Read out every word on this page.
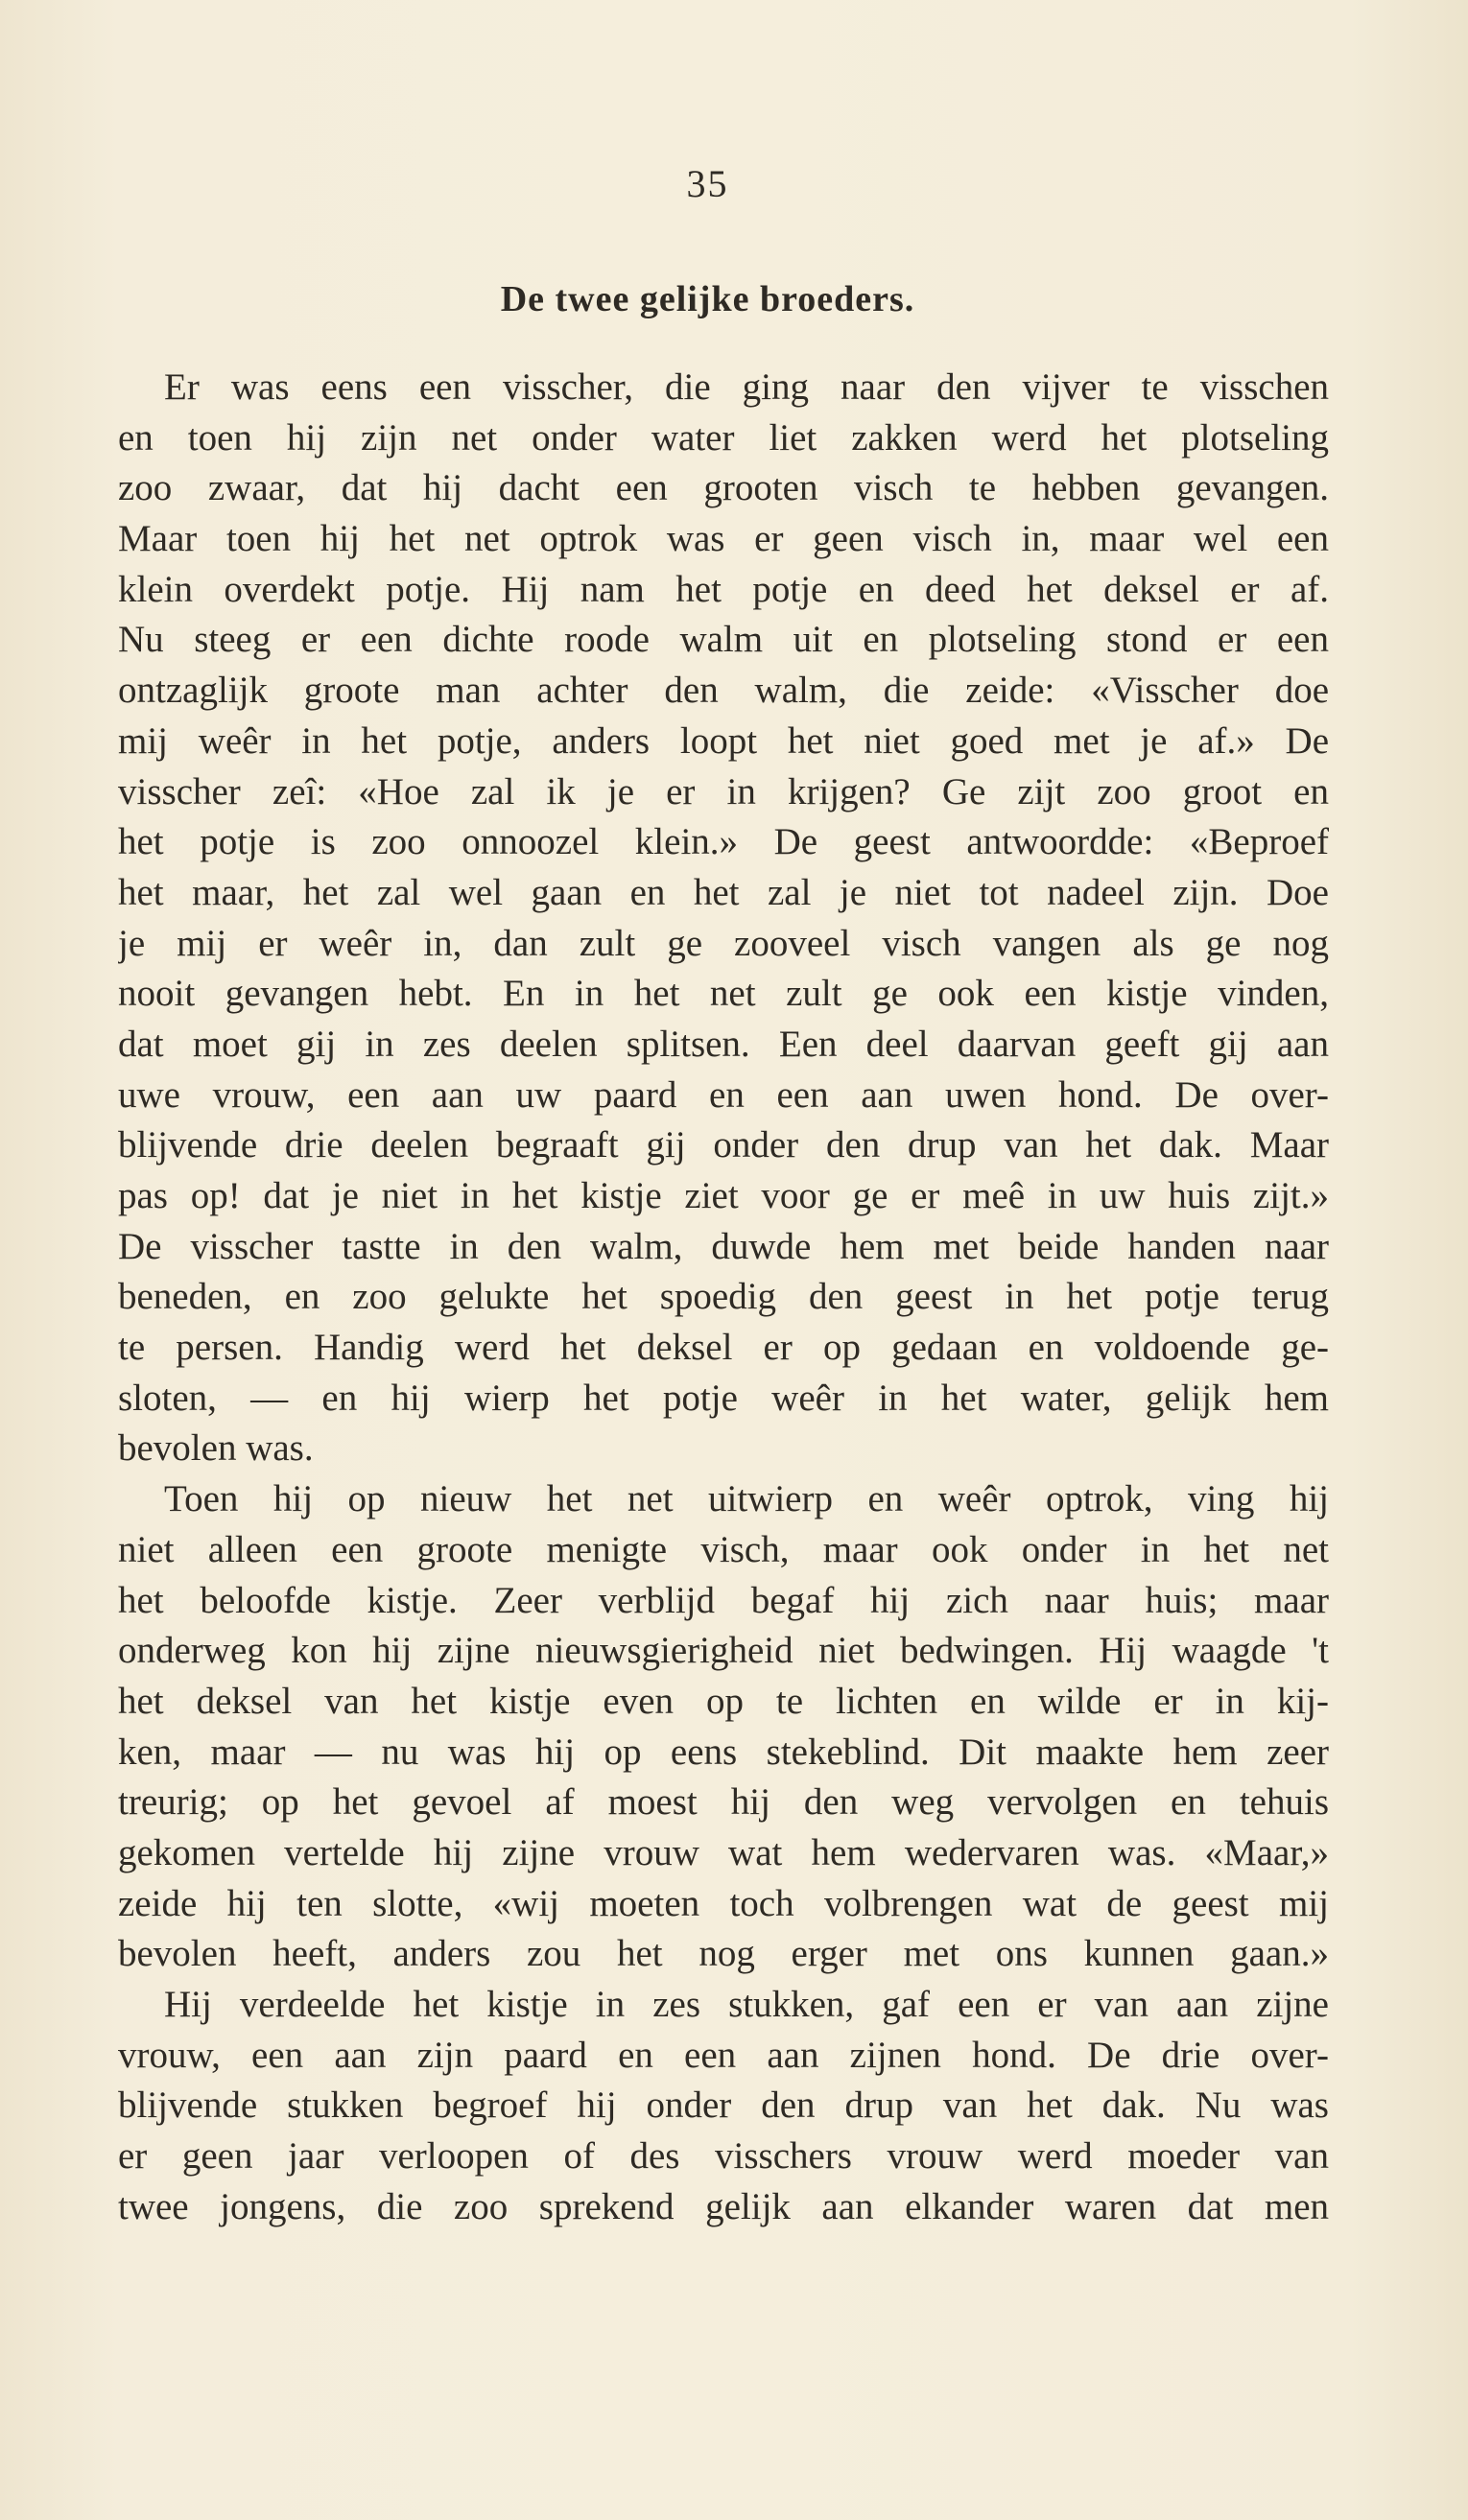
35
De twee gelijke broeders.
Er was eens een visscher, die ging naar den vijver te visschen
en toen hij zijn net onder water liet zakken werd het plotseling
zoo zwaar, dat hij dacht een grooten visch te hebben gevangen.
Maar toen hij het net optrok was er geen visch in, maar wel een
klein overdekt potje. Hij nam het potje en deed het deksel er af.
Nu steeg er een dichte roode walm uit en plotseling stond er een
ontzaglijk groote man achter den walm, die zeide: «Visscher doe
mij weêr in het potje, anders loopt het niet goed met je af.» De
visscher zeî: «Hoe zal ik je er in krijgen? Ge zijt zoo groot en
het potje is zoo onnoozel klein.» De geest antwoordde: «Beproef
het maar, het zal wel gaan en het zal je niet tot nadeel zijn. Doe
je mij er weêr in, dan zult ge zooveel visch vangen als ge nog
nooit gevangen hebt. En in het net zult ge ook een kistje vinden,
dat moet gij in zes deelen splitsen. Een deel daarvan geeft gij aan
uwe vrouw, een aan uw paard en een aan uwen hond. De over-
blijvende drie deelen begraaft gij onder den drup van het dak. Maar
pas op! dat je niet in het kistje ziet voor ge er meê in uw huis zijt.»
De visscher tastte in den walm, duwde hem met beide handen naar
beneden, en zoo gelukte het spoedig den geest in het potje terug
te persen. Handig werd het deksel er op gedaan en voldoende ge-
sloten, — en hij wierp het potje weêr in het water, gelijk hem
bevolen was.
Toen hij op nieuw het net uitwierp en weêr optrok, ving hij
niet alleen een groote menigte visch, maar ook onder in het net
het beloofde kistje. Zeer verblijd begaf hij zich naar huis; maar
onderweg kon hij zijne nieuwsgierigheid niet bedwingen. Hij waagde 't
het deksel van het kistje even op te lichten en wilde er in kij-
ken, maar — nu was hij op eens stekeblind. Dit maakte hem zeer
treurig; op het gevoel af moest hij den weg vervolgen en tehuis
gekomen vertelde hij zijne vrouw wat hem wedervaren was. «Maar,»
zeide hij ten slotte, «wij moeten toch volbrengen wat de geest mij
bevolen heeft, anders zou het nog erger met ons kunnen gaan.»
Hij verdeelde het kistje in zes stukken, gaf een er van aan zijne
vrouw, een aan zijn paard en een aan zijnen hond. De drie over-
blijvende stukken begroef hij onder den drup van het dak. Nu was
er geen jaar verloopen of des visschers vrouw werd moeder van
twee jongens, die zoo sprekend gelijk aan elkander waren dat men
